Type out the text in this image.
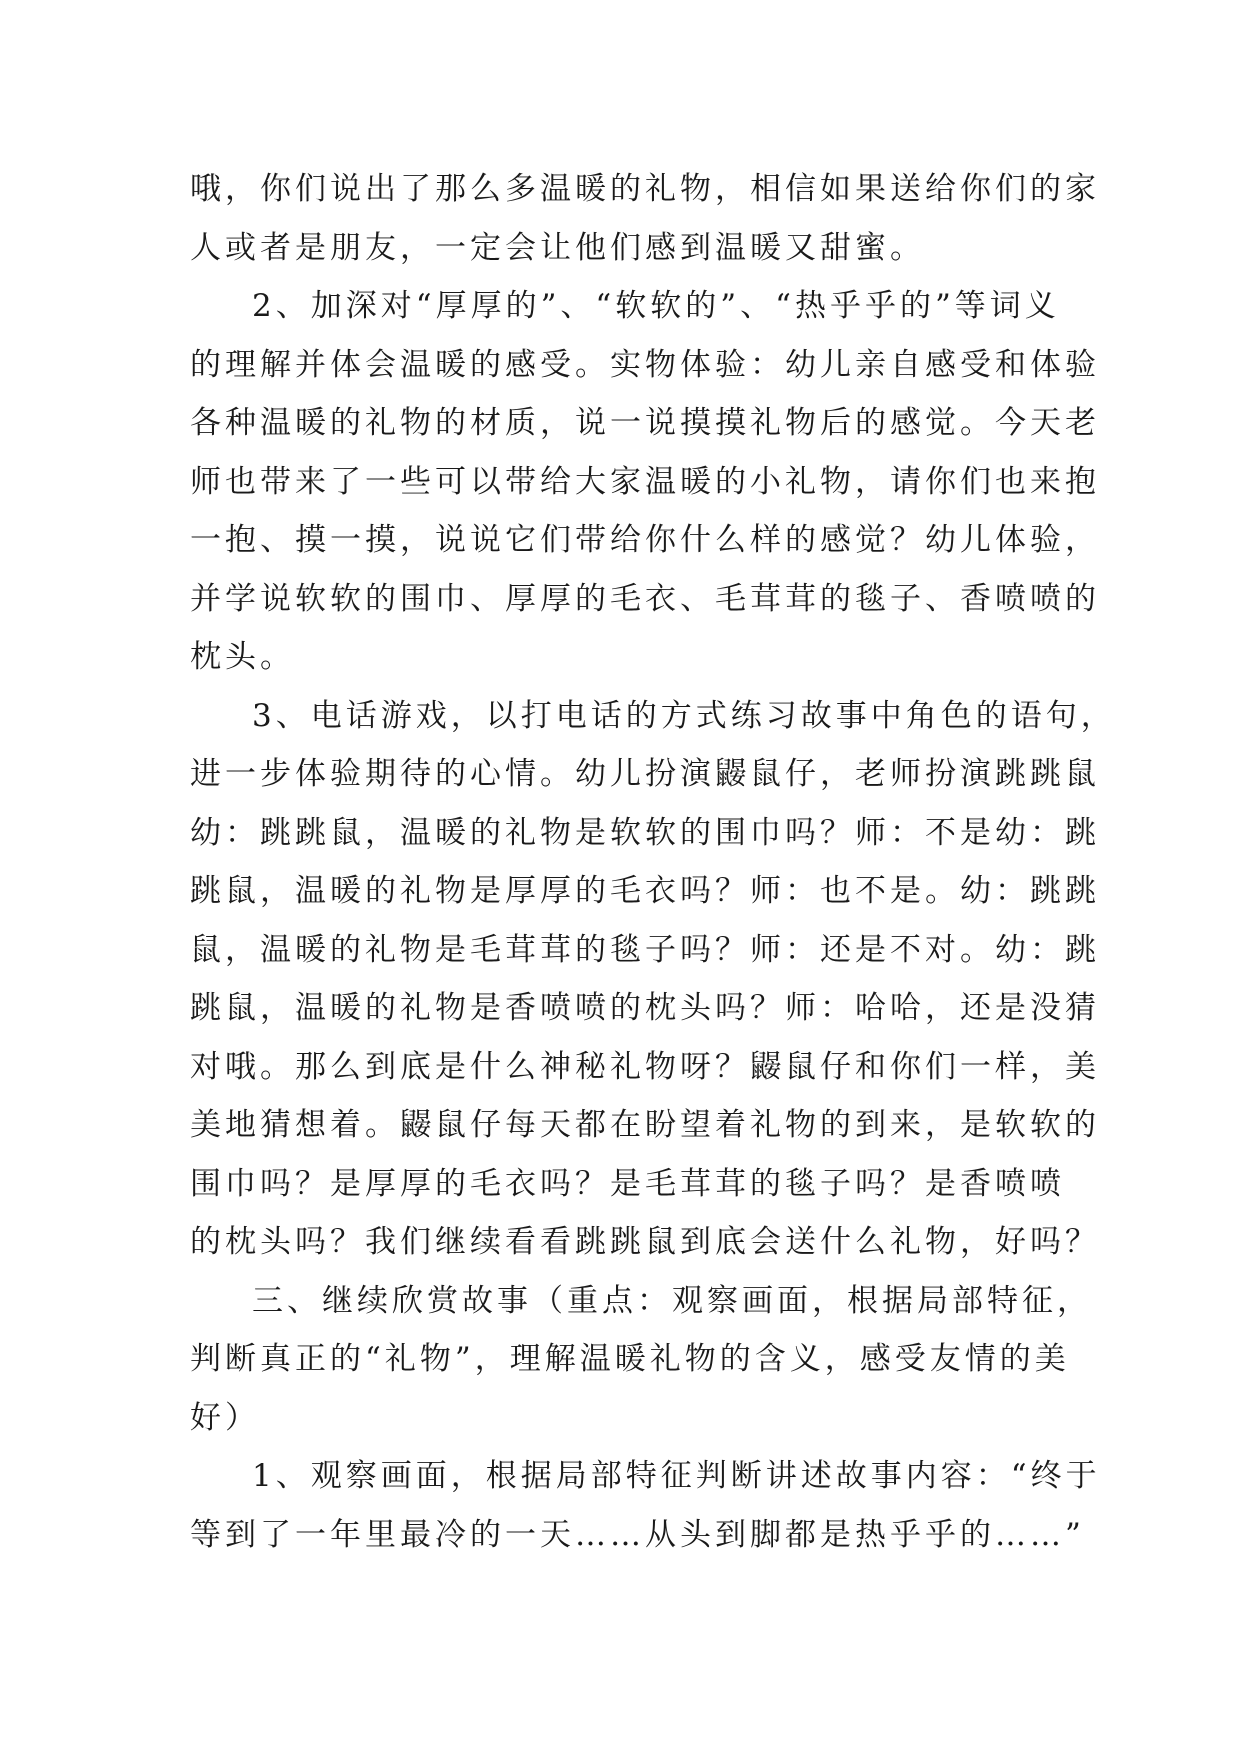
哦，你们说出了那么多温暖的礼物，相信如果送给你们的家
人或者是朋友，一定会让他们感到温暖又甜蜜。
2、加深对“厚厚的”、“软软的”、“热乎乎的”等词义
的理解并体会温暖的感受。实物体验：幼儿亲自感受和体验
各种温暖的礼物的材质，说一说摸摸礼物后的感觉。今天老
师也带来了一些可以带给大家温暖的小礼物，请你们也来抱
一抱、摸一摸，说说它们带给你什么样的感觉？幼儿体验，
并学说软软的围巾、厚厚的毛衣、毛茸茸的毯子、香喷喷的
枕头。
3、电话游戏，以打电话的方式练习故事中角色的语句，
进一步体验期待的心情。幼儿扮演鼹鼠仔，老师扮演跳跳鼠
幼：跳跳鼠，温暖的礼物是软软的围巾吗？师：不是幼：跳
跳鼠，温暖的礼物是厚厚的毛衣吗？师：也不是。幼：跳跳
鼠，温暖的礼物是毛茸茸的毯子吗？师：还是不对。幼：跳
跳鼠，温暖的礼物是香喷喷的枕头吗？师：哈哈，还是没猜
对哦。那么到底是什么神秘礼物呀？鼹鼠仔和你们一样，美
美地猜想着。鼹鼠仔每天都在盼望着礼物的到来，是软软的
围巾吗？是厚厚的毛衣吗？是毛茸茸的毯子吗？是香喷喷
的枕头吗？我们继续看看跳跳鼠到底会送什么礼物，好吗？
三、继续欣赏故事（重点：观察画面，根据局部特征，
判断真正的“礼物”，理解温暖礼物的含义，感受友情的美
好）
1、观察画面，根据局部特征判断讲述故事内容：“终于
等到了一年里最冷的一天……从头到脚都是热乎乎的……”
